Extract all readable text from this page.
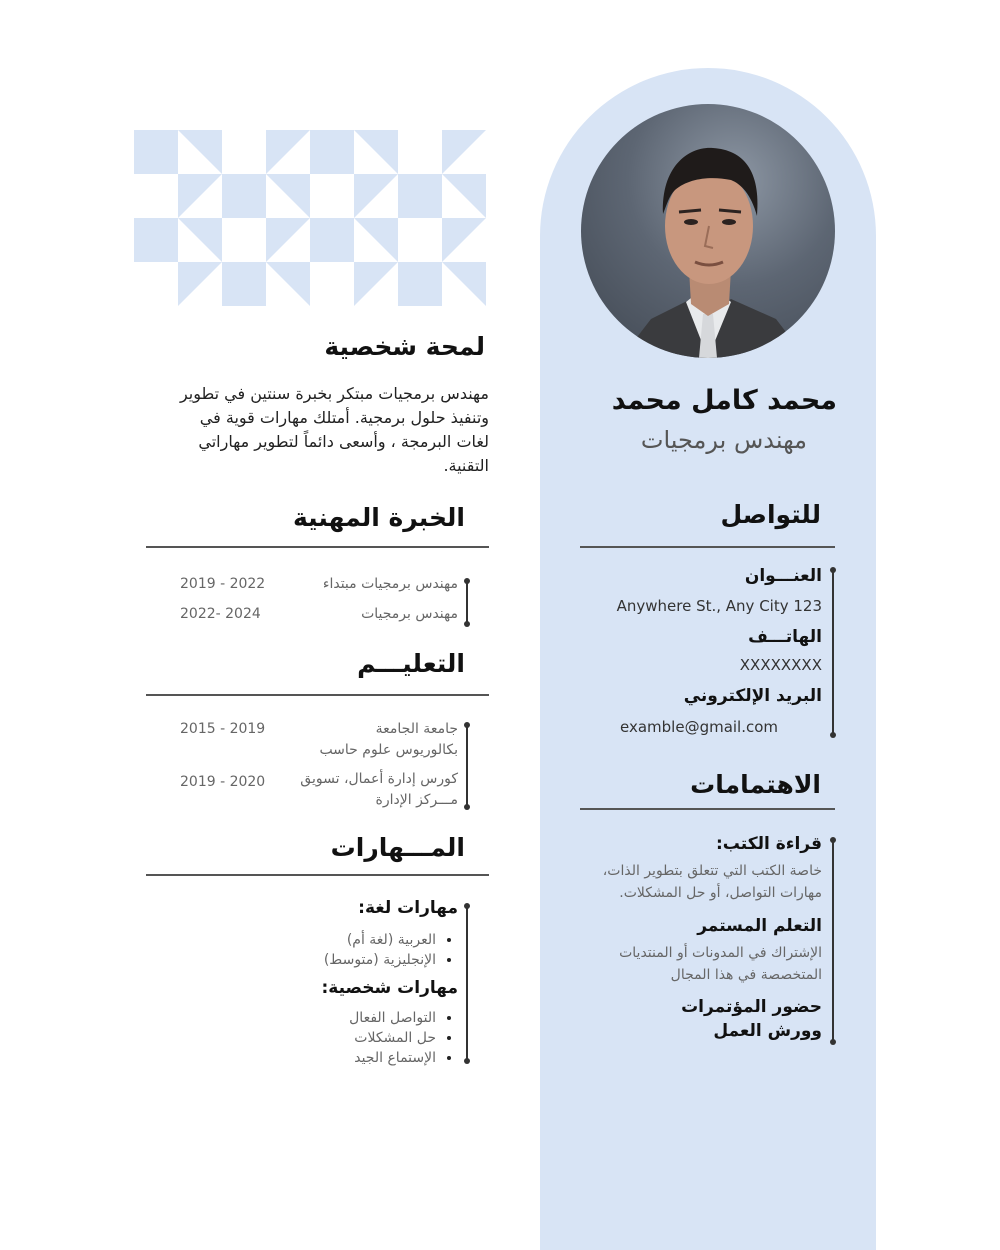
محمد كامل محمد
مهندس برمجيات
للتواصل
العنـــوان
Anywhere St., Any City 123
الهاتـــف
XXXXXXXX
البريد الإلكتروني
examble@gmail.com
الاهتمامات
قراءة الكتب:
خاصة الكتب التي تتعلق بتطوير الذات،
مهارات التواصل، أو حل المشكلات.
التعلم المستمر
الإشتراك في المدونات أو المنتديات
المتخصصة في هذا المجال
حضور المؤتمرات
وورش العمل
لمحة شخصية
مهندس برمجيات مبتكر بخبرة سنتين في تطوير
وتنفيذ حلول برمجية. أمتلك مهارات قوية في
لغات البرمجة ، وأسعى دائماً لتطوير مهاراتي
التقنية.
الخبرة المهنية
مهندس برمجيات مبتداء
2019 - 2022
مهندس برمجيات
2022- 2024
التعليـــم
جامعة الجامعة
بكالوريوس علوم حاسب
2015 - 2019
كورس إدارة أعمال، تسويق
مـــركز الإدارة
2019 - 2020
المـــهارات
مهارات لغة:
• العربية (لغة أم)
• الإنجليزية (متوسط)
مهارات شخصية:
• التواصل الفعال
• حل المشكلات
• الإستماع الجيد
